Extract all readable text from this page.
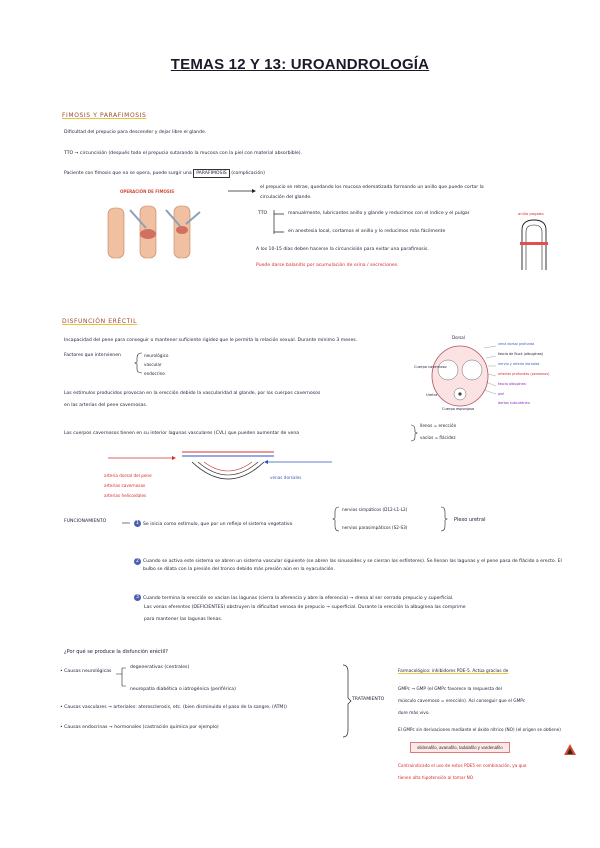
TEMAS 12 Y 13: UROANDROLOGÍA
FIMOSIS Y PARAFIMOSIS
Dificultad del prepucio para descender y dejar libre el glande.
TTO → circuncisión (después todo el prepucio sutarando la mucosa con la piel con material absorbible).
Paciente con fimosis que no se opera, puede surgir una PARAFIMOSIS (complicación)
OPERACIÓN DE FIMOSIS
el prepucio se retrae, quedando los mucosa edematizada formando un anillo que puede cortar la
circulación del glande.
TTO	manualmente, lubricantes anillo y glande y reducimos con el índice y el pulgar
en anestesia local, cortamos el anillo y lo reducimos más fácilmente
A los 10-15 días deben hacerse la circuncisión para evitar una parafimosis.
Puede darse balanitis por acumulación de orina / secreciones.
anillo pegado
DISFUNCIÓN ERÉCTIL
Incapacidad del pene para conseguir o mantener suficiente rigidez que le permita la relación sexual. Durante mínimo 3 meses.
Factores que intervienen	neurológico
vascular
endocrino
Los estímulos producidos provocan en la erección debido la vascularidad al glande, por los cuerpos cavernosos
en las arterias del pene cavernosas.
Dorsal
Cuerpo cavernoso
Uretra
Cuerpo esponjoso
vena dorsal profunda
fascia de Buck (albugínea)
nervio y arteria dorsales
arterias profundas (peneanas)
fascia albugínea
piel
dartos subcutáneo
Los cuerpos cavernosos tienen en su interior lagunas vasculares (CVL) que pueden aumentar de vena
llenos = erección
vacíos = flácidez
arteria dorsal del pene
arterias cavernosas
arterias helicoidales
venas dorsales
FUNCIONAMIENTO	1 Se inicia como estímulo, que por un reflejo el sistema vegetativo
nervios simpáticos (D12-L1-L2)
nervios parasimpáticos (S2-S3)
Plexo uretral
2 Cuando se activa este sistema se abren un sistema vascular siguiente (se abren las sinusoides y se cierran los esfínteres). Se llenan las lagunas y el pene pasa de flácido a erecto. El bulbo se dilata con la presión del tronco debido más presión aún en la eyaculación.
3 Cuando termina la erección se vacían las lagunas (cierra la aferencia y abre la eferencia) → drena al ser cerrado prepucio y superficial.
Las venas eferentes (DEFICIENTES) obstruyen la dificultad venosa de prepucio → superficial. Durante la erección la albugínea las comprime
para mantener las lagunas llenas.
¿Por qué se produce la disfunción eréctil?
• Causas neurológicas
degenerativas (centrales)
neuropatía diabética o iatrogénica (periférica)
• Causas vasculares → arteriales: aterosclerosis, etc. (bien disminuido el paso de la sangre, (ATM))
• Causas endocrinas → hormonales (castración química por ejemplo)
TRATAMIENTO
Farmacológico: inhibidores PDE-5. Actúa gracias de
GMPc → GMP (el GMPc favorece la respuesta del
músculo cavernoso = erección). Así conseguir que el GMPc
dure más vivo.
El GMPc sin derivaciones mediante el óxido nítrico (NO) (el origen se obtiene)
sildenafilo, avanafilo, tadalafilo y vardenafilo
Contraindicado el uso de estos PDE5 en combinación, ya que
tienen alta hipotensión al tomar NO.
